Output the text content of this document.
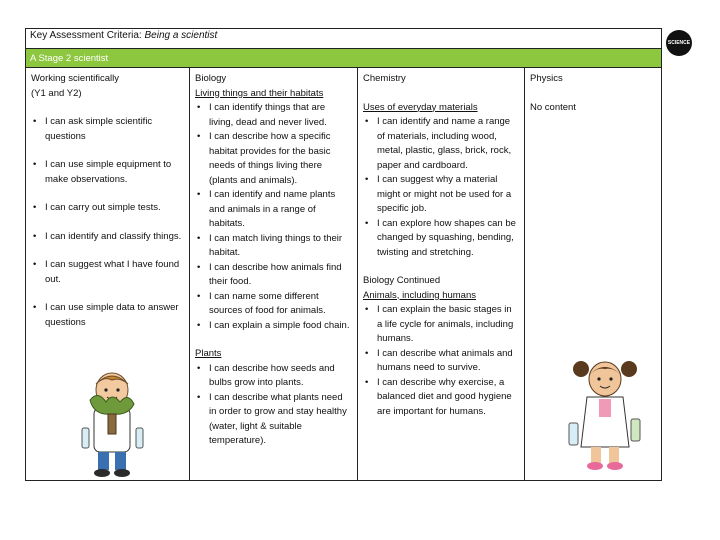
Key Assessment Criteria: Being a scientist
SCIENCE
A Stage 2 scientist
Working scientifically
(Y1 and Y2)
• I can ask simple scientific questions
• I can use simple equipment to make observations.
• I can carry out simple tests.
• I can identify and classify things.
• I can suggest what I have found out.
• I can use simple data to answer questions
Biology
Living things and their habitats
• I can identify things that are living, dead and never lived.
• I can describe how a specific habitat provides for the basic needs of things living there (plants and animals).
• I can identify and name plants and animals in a range of habitats.
• I can match living things to their habitat.
• I can describe how animals find their food.
• I can name some different sources of food for animals.
• I can explain a simple food chain.
Plants
• I can describe how seeds and bulbs grow into plants.
• I can describe what plants need in order to grow and stay healthy (water, light & suitable temperature).
Chemistry
Uses of everyday materials
• I can identify and name a range of materials, including wood, metal, plastic, glass, brick, rock, paper and cardboard.
• I can suggest why a material might or might not be used for a specific job.
• I can explore how shapes can be changed by squashing, bending, twisting and stretching.
Biology Continued
Animals, including humans
• I can explain the basic stages in a life cycle for animals, including humans.
• I can describe what animals and humans need to survive.
• I can describe why exercise, a balanced diet and good hygiene are important for humans.
Physics
No content
